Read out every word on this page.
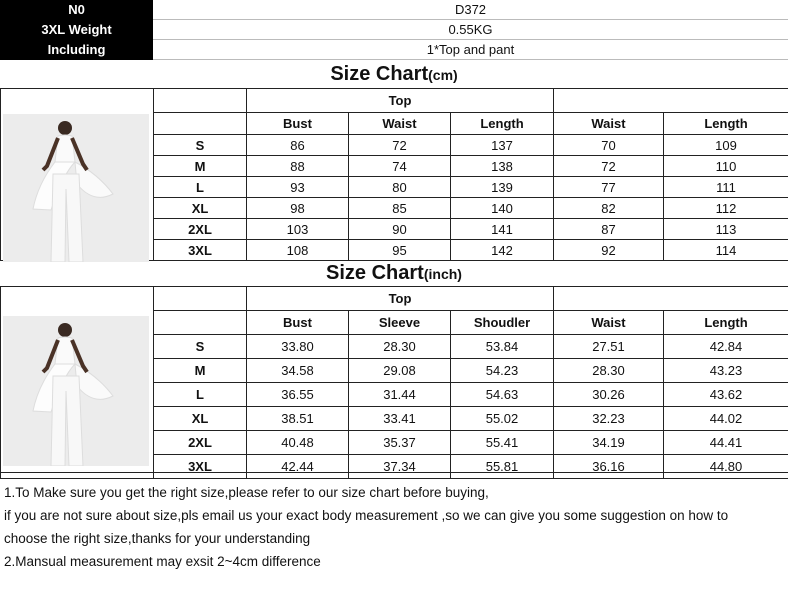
N0	D372
3XL Weight	0.55KG
Including	1*Top and pant
Size Chart(cm)
		Top				
		Bust	Waist	Length	Waist	Length
	S	86	72	137	70	109
	M	88	74	138	72	110
	L	93	80	139	77	111
	XL	98	85	140	82	112
	2XL	103	90	141	87	113
	3XL	108	95	142	92	114
Size Chart(inch)
		Top				
		Bust	Sleeve	Shoudler	Waist	Length
	S	33.80	28.30	53.84	27.51	42.84
	M	34.58	29.08	54.23	28.30	43.23
	L	36.55	31.44	54.63	30.26	43.62
	XL	38.51	33.41	55.02	32.23	44.02
	2XL	40.48	35.37	55.41	34.19	44.41
	3XL	42.44	37.34	55.81	36.16	44.80
1.To Make sure you get the right size,please refer to our size chart before buying,
if you are not sure about size,pls email us your exact body measurement ,so we can give you some suggestion on how to
choose the right size,thanks for your understanding
2.Mansual measurement may exsit 2~4cm difference
